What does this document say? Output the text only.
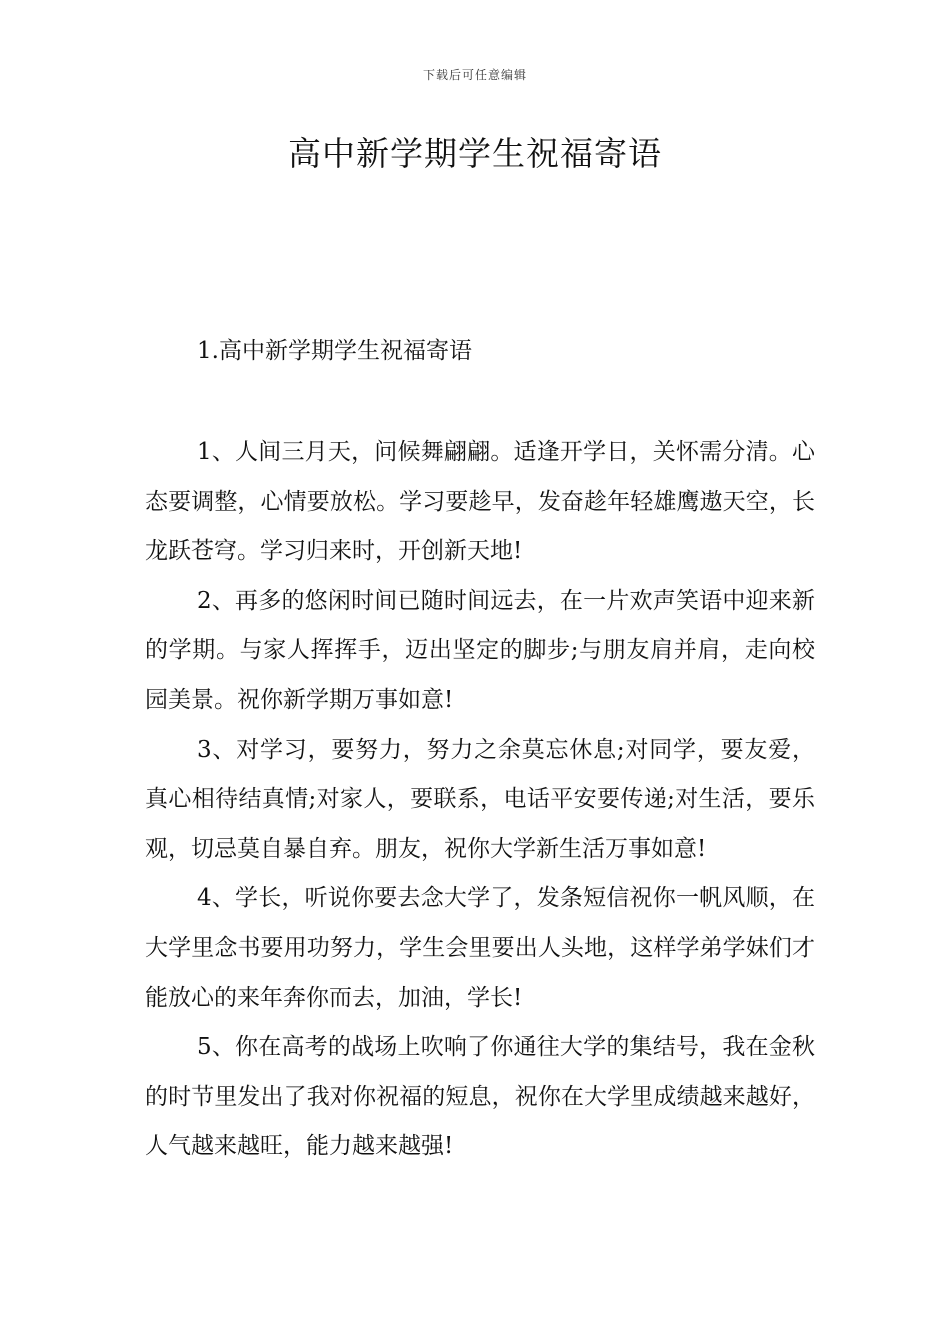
下载后可任意编辑
高中新学期学生祝福寄语

1.高中新学期学生祝福寄语

1、人间三月天，问候舞翩翩。适逢开学日，关怀需分清。心态要调整，心情要放松。学习要趁早，发奋趁年轻雄鹰遨天空，长龙跃苍穹。学习归来时，开创新天地!

2、再多的悠闲时间已随时间远去，在一片欢声笑语中迎来新的学期。与家人挥挥手，迈出坚定的脚步;与朋友肩并肩，走向校园美景。祝你新学期万事如意!

3、对学习，要努力，努力之余莫忘休息;对同学，要友爱，真心相待结真情;对家人，要联系，电话平安要传递;对生活，要乐观，切忌莫自暴自弃。朋友，祝你大学新生活万事如意!

4、学长，听说你要去念大学了，发条短信祝你一帆风顺，在大学里念书要用功努力，学生会里要出人头地，这样学弟学妹们才能放心的来年奔你而去，加油，学长!

5、你在高考的战场上吹响了你通往大学的集结号，我在金秋的时节里发出了我对你祝福的短息，祝你在大学里成绩越来越好，人气越来越旺，能力越来越强!
